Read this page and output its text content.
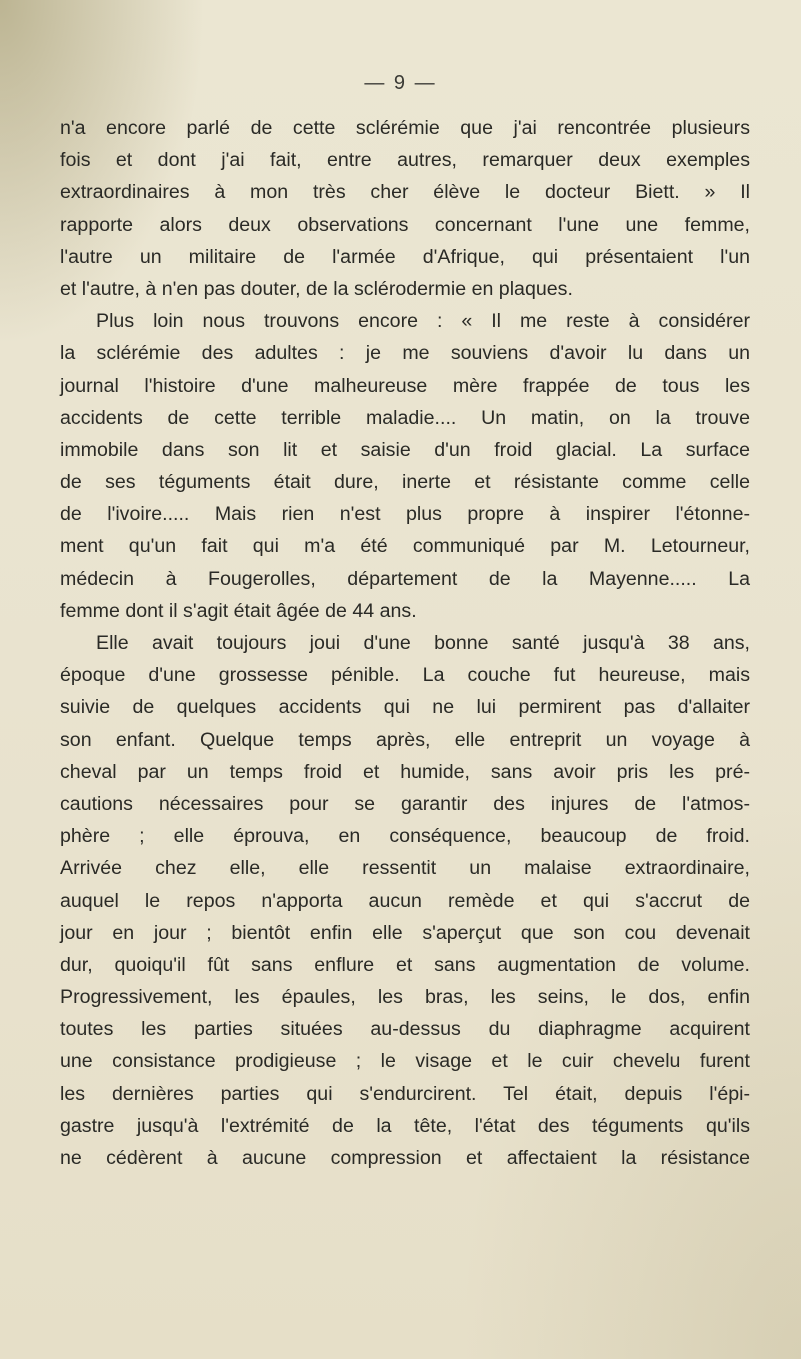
— 9 —
n'a encore parlé de cette sclérémie que j'ai rencontrée plusieurs
fois et dont j'ai fait, entre autres, remarquer deux exemples
extraordinaires à mon très cher élève le docteur Biett. » Il
rapporte alors deux observations concernant l'une une femme,
l'autre un militaire de l'armée d'Afrique, qui présentaient l'un
et l'autre, à n'en pas douter, de la sclérodermie en plaques.
Plus loin nous trouvons encore : « Il me reste à considérer
la sclérémie des adultes : je me souviens d'avoir lu dans un
journal l'histoire d'une malheureuse mère frappée de tous les
accidents de cette terrible maladie.... Un matin, on la trouve
immobile dans son lit et saisie d'un froid glacial. La surface
de ses téguments était dure, inerte et résistante comme celle
de l'ivoire..... Mais rien n'est plus propre à inspirer l'étonne-
ment qu'un fait qui m'a été communiqué par M. Letourneur,
médecin à Fougerolles, département de la Mayenne..... La
femme dont il s'agit était âgée de 44 ans.
Elle avait toujours joui d'une bonne santé jusqu'à 38 ans,
époque d'une grossesse pénible. La couche fut heureuse, mais
suivie de quelques accidents qui ne lui permirent pas d'allaiter
son enfant. Quelque temps après, elle entreprit un voyage à
cheval par un temps froid et humide, sans avoir pris les pré-
cautions nécessaires pour se garantir des injures de l'atmos-
phère ; elle éprouva, en conséquence, beaucoup de froid.
Arrivée chez elle, elle ressentit un malaise extraordinaire,
auquel le repos n'apporta aucun remède et qui s'accrut de
jour en jour ; bientôt enfin elle s'aperçut que son cou devenait
dur, quoiqu'il fût sans enflure et sans augmentation de volume.
Progressivement, les épaules, les bras, les seins, le dos, enfin
toutes les parties situées au-dessus du diaphragme acquirent
une consistance prodigieuse ; le visage et le cuir chevelu furent
les dernières parties qui s'endurcirent. Tel était, depuis l'épi-
gastre jusqu'à l'extrémité de la tête, l'état des téguments qu'ils
ne cédèrent à aucune compression et affectaient la résistance
